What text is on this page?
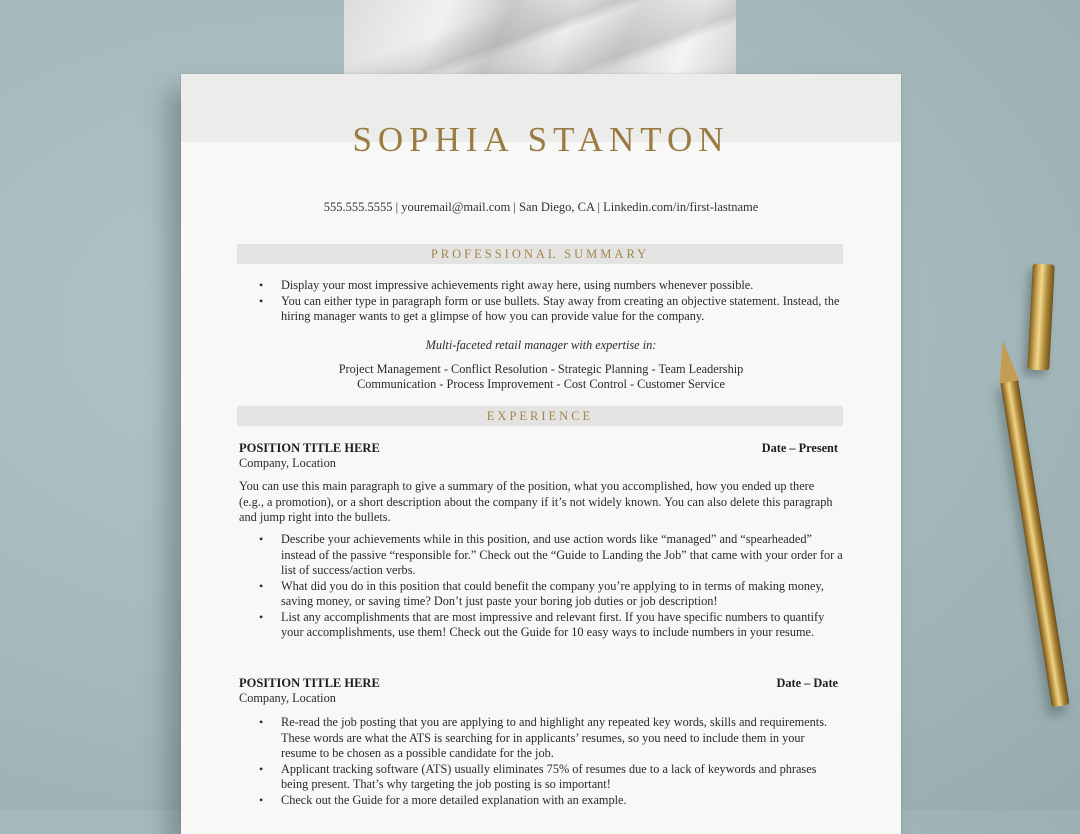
SOPHIA STANTON
555.555.5555 | youremail@mail.com | San Diego, CA | Linkedin.com/in/first-lastname
PROFESSIONAL SUMMARY
• Display your most impressive achievements right away here, using numbers whenever possible.
• You can either type in paragraph form or use bullets. Stay away from creating an objective statement. Instead, the hiring manager wants to get a glimpse of how you can provide value for the company.
Multi-faceted retail manager with expertise in:
Project Management - Conflict Resolution - Strategic Planning - Team Leadership
Communication - Process Improvement - Cost Control - Customer Service
EXPERIENCE
POSITION TITLE HERE	Date – Present
Company, Location
You can use this main paragraph to give a summary of the position, what you accomplished, how you ended up there (e.g., a promotion), or a short description about the company if it’s not widely known. You can also delete this paragraph and jump right into the bullets.
• Describe your achievements while in this position, and use action words like “managed” and “spearheaded” instead of the passive “responsible for.” Check out the “Guide to Landing the Job” that came with your order for a list of success/action verbs.
• What did you do in this position that could benefit the company you’re applying to in terms of making money, saving money, or saving time? Don’t just paste your boring job duties or job description!
• List any accomplishments that are most impressive and relevant first. If you have specific numbers to quantify your accomplishments, use them! Check out the Guide for 10 easy ways to include numbers in your resume.
POSITION TITLE HERE	Date – Date
Company, Location
• Re-read the job posting that you are applying to and highlight any repeated key words, skills and requirements. These words are what the ATS is searching for in applicants’ resumes, so you need to include them in your resume to be chosen as a possible candidate for the job.
• Applicant tracking software (ATS) usually eliminates 75% of resumes due to a lack of keywords and phrases being present. That’s why targeting the job posting is so important!
• Check out the Guide for a more detailed explanation with an example.
